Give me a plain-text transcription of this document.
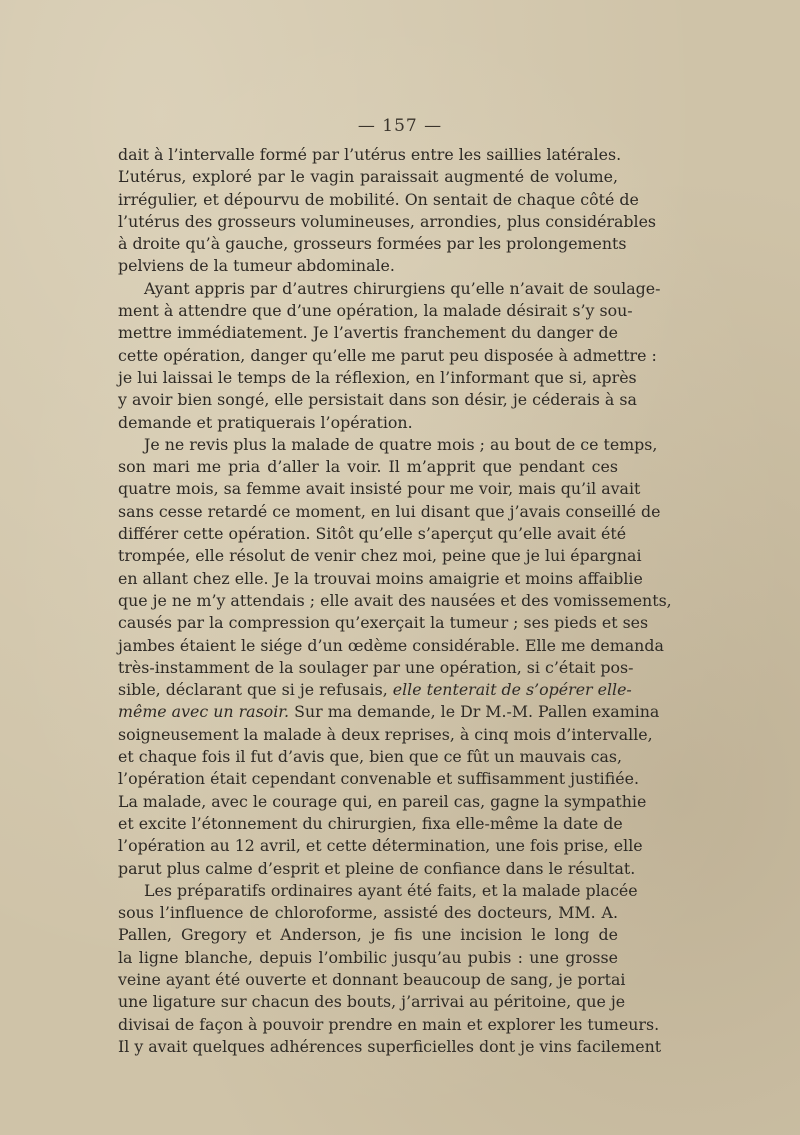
— 157 —
dait à l’intervalle formé par l’utérus entre les saillies latérales.
L’utérus, exploré par le vagin paraissait augmenté de volume,
irrégulier, et dépourvu de mobilité. On sentait de chaque côté de
l’utérus des grosseurs volumineuses, arrondies, plus considérables
à droite qu’à gauche, grosseurs formées par les prolongements
pelviens de la tumeur abdominale.
Ayant appris par d’autres chirurgiens qu’elle n’avait de soulage-
ment à attendre que d’une opération, la malade désirait s’y sou-
mettre immédiatement. Je l’avertis franchement du danger de
cette opération, danger qu’elle me parut peu disposée à admettre :
je lui laissai le temps de la réflexion, en l’informant que si, après
y avoir bien songé, elle persistait dans son désir, je céderais à sa
demande et pratiquerais l’opération.
Je ne revis plus la malade de quatre mois ; au bout de ce temps,
son mari me pria d’aller la voir. Il m’apprit que pendant ces
quatre mois, sa femme avait insisté pour me voir, mais qu’il avait
sans cesse retardé ce moment, en lui disant que j’avais conseillé de
différer cette opération. Sitôt qu’elle s’aperçut qu’elle avait été
trompée, elle résolut de venir chez moi, peine que je lui épargnai
en allant chez elle. Je la trouvai moins amaigrie et moins affaiblie
que je ne m’y attendais ; elle avait des nausées et des vomissements,
causés par la compression qu’exerçait la tumeur ; ses pieds et ses
jambes étaient le siége d’un œdème considérable. Elle me demanda
très-instamment de la soulager par une opération, si c’était pos-
sible, déclarant que si je refusais, elle tenterait de s’opérer elle-
même avec un rasoir. Sur ma demande, le Dr M.-M. Pallen examina
soigneusement la malade à deux reprises, à cinq mois d’intervalle,
et chaque fois il fut d’avis que, bien que ce fût un mauvais cas,
l’opération était cependant convenable et suffisamment justifiée.
La malade, avec le courage qui, en pareil cas, gagne la sympathie
et excite l’étonnement du chirurgien, fixa elle-même la date de
l’opération au 12 avril, et cette détermination, une fois prise, elle
parut plus calme d’esprit et pleine de confiance dans le résultat.
Les préparatifs ordinaires ayant été faits, et la malade placée
sous l’influence de chloroforme, assisté des docteurs, MM. A.
Pallen, Gregory et Anderson, je fis une incision le long de
la ligne blanche, depuis l’ombilic jusqu’au pubis : une grosse
veine ayant été ouverte et donnant beaucoup de sang, je portai
une ligature sur chacun des bouts, j’arrivai au péritoine, que je
divisai de façon à pouvoir prendre en main et explorer les tumeurs.
Il y avait quelques adhérences superficielles dont je vins facilement
